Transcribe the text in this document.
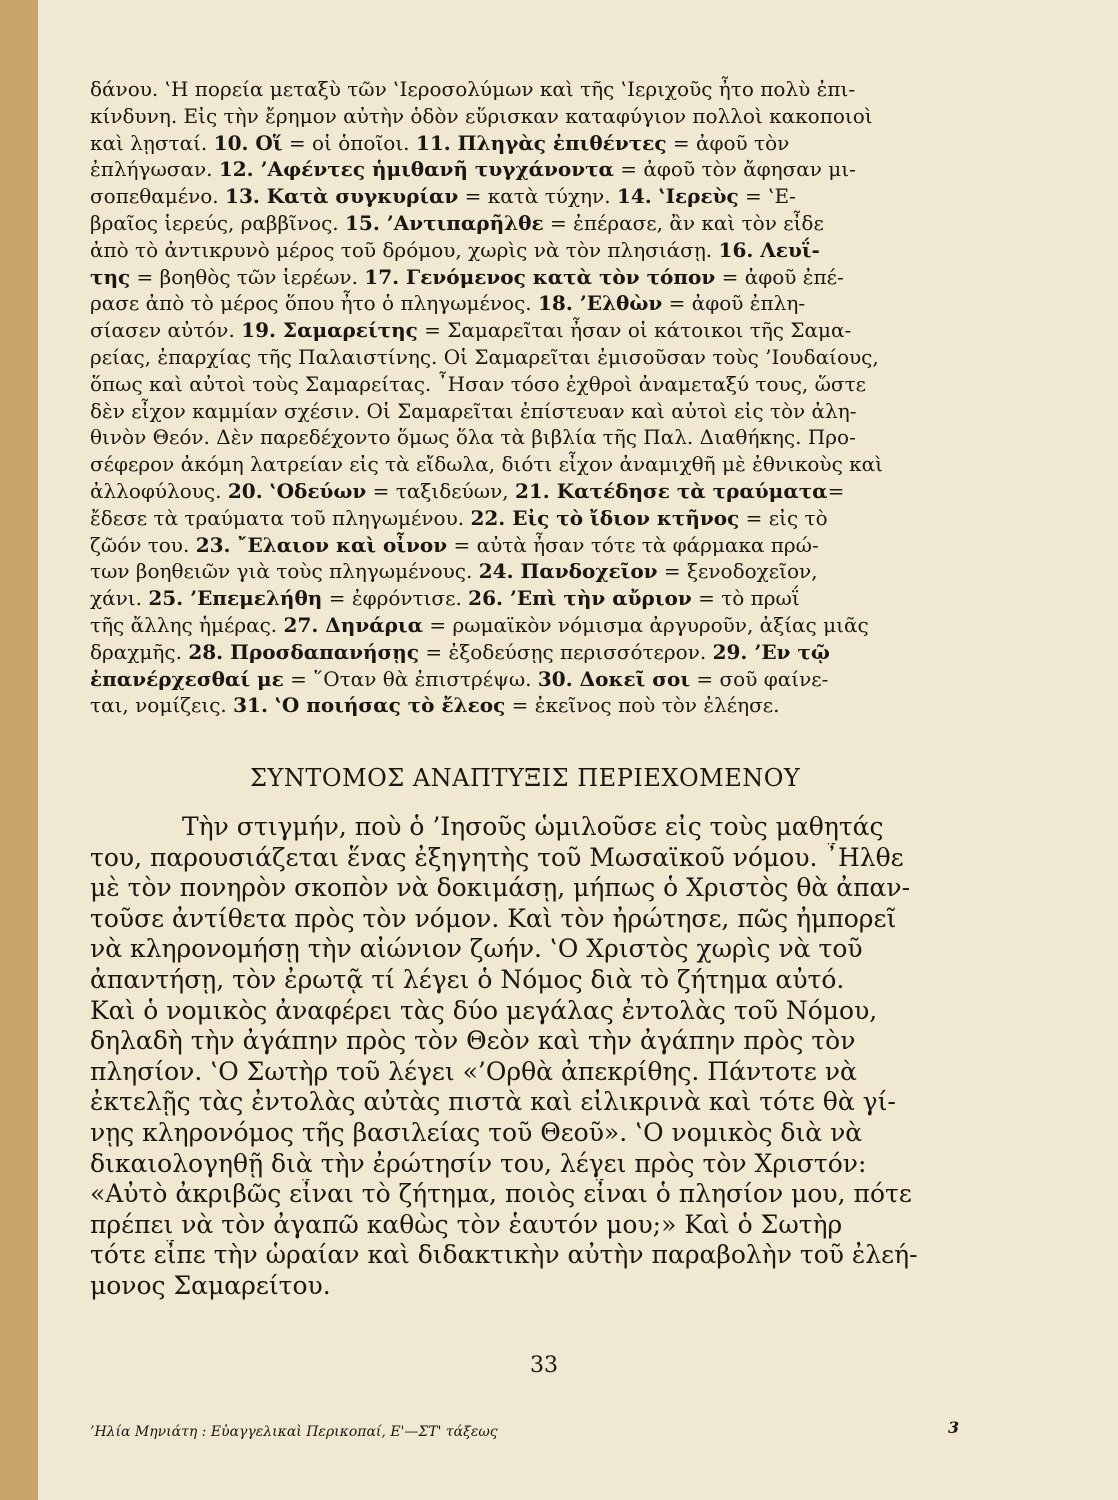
δάνου. ‛Η πορεία μεταξὺ τῶν ‛Ιεροσολύμων καὶ τῆς ‛Ιεριχοῦς ἦτο πολὺ ἐπι-
κίνδυνη. Εἰς τὴν ἔρημον αὐτὴν ὁδὸν εὕρισκαν καταφύγιον πολλοὶ κακοποιοὶ
καὶ λῃσταί. 10. Οἵ = οἱ ὁποῖοι. 11. Πληγὰς ἐπιθέντες = ἀφοῦ τὸν
ἐπλήγωσαν. 12. ’Αφέντες ἡμιθανῆ τυγχάνοντα = ἀφοῦ τὸν ἄφησαν μι-
σοπεθαμένο. 13. Κατὰ συγκυρίαν = κατὰ τύχην. 14. ‛Ιερεὺς = ‛Ε-
βραῖος ἱερεύς, ραββῖνος. 15. ’Αντιπαρῆλθε = ἐπέρασε, ἂν καὶ τὸν εἶδε
ἀπὸ τὸ ἀντικρυνὸ μέρος τοῦ δρόμου, χωρὶς νὰ τὸν πλησιάσῃ. 16. Λευΐ-
της = βοηθὸς τῶν ἱερέων. 17. Γενόμενος κατὰ τὸν τόπον = ἀφοῦ ἐπέ-
ρασε ἀπὸ τὸ μέρος ὅπου ἦτο ὁ πληγωμένος. 18. ’Ελθὼν = ἀφοῦ ἐπλη-
σίασεν αὐτόν. 19. Σαμαρείτης = Σαμαρεῖται ἦσαν οἱ κάτοικοι τῆς Σαμα-
ρείας, ἐπαρχίας τῆς Παλαιστίνης. Οἱ Σαμαρεῖται ἐμισοῦσαν τοὺς ’Ιουδαίους,
ὅπως καὶ αὐτοὶ τοὺς Σαμαρείτας. ῏Ησαν τόσο ἐχθροὶ ἀναμεταξύ τους, ὥστε
δὲν εἶχον καμμίαν σχέσιν. Οἱ Σαμαρεῖται ἐπίστευαν καὶ αὐτοὶ εἰς τὸν ἀλη-
θινὸν Θεόν. Δὲν παρεδέχοντο ὅμως ὅλα τὰ βιβλία τῆς Παλ. Διαθήκης. Προ-
σέφερον ἀκόμη λατρείαν εἰς τὰ εἴδωλα, διότι εἶχον ἀναμιχθῆ μὲ ἐθνικοὺς καὶ
ἀλλοφύλους. 20. ‛Οδεύων = ταξιδεύων, 21. Κατέδησε τὰ τραύματα=
ἔδεσε τὰ τραύματα τοῦ πληγωμένου. 22. Εἰς τὸ ἴδιον κτῆνος = εἰς τὸ
ζῶόν του. 23. ῎Ελαιον καὶ οἶνον = αὐτὰ ἦσαν τότε τὰ φάρμακα πρώ-
των βοηθειῶν γιὰ τοὺς πληγωμένους. 24. Πανδοχεῖον = ξενοδοχεῖον,
χάνι. 25. ’Επεμελήθη = ἐφρόντισε. 26. ’Επὶ τὴν αὔριον = τὸ πρωΐ
τῆς ἄλλης ἡμέρας. 27. Δηνάρια = ρωμαϊκὸν νόμισμα ἀργυροῦν, ἀξίας μιᾶς
δραχμῆς. 28. Προσδαπανήσῃς = ἐξοδεύσῃς περισσότερον. 29. ’Εν τῷ
ἐπανέρχεσθαί με = ῞Οταν θὰ ἐπιστρέψω. 30. Δοκεῖ σοι = σοῦ φαίνε-
ται, νομίζεις. 31. ‛Ο ποιήσας τὸ ἔλεος = ἐκεῖνος ποὺ τὸν ἐλέησε.
ΣΥΝΤΟΜΟΣ ΑΝΑΠΤΥΞΙΣ ΠΕΡΙΕΧΟΜΕΝΟΥ
Τὴν στιγμήν, ποὺ ὁ ’Ιησοῦς ὡμιλοῦσε εἰς τοὺς μαθητάς
του, παρουσιάζεται ἕνας ἐξηγητὴς τοῦ Μωσαϊκοῦ νόμου. ῏Ηλθε
μὲ τὸν πονηρὸν σκοπὸν νὰ δοκιμάσῃ, μήπως ὁ Χριστὸς θὰ ἀπαν-
τοῦσε ἀντίθετα πρὸς τὸν νόμον. Καὶ τὸν ἠρώτησε, πῶς ἠμπορεῖ
νὰ κληρονομήσῃ τὴν αἰώνιον ζωήν. ‛Ο Χριστὸς χωρὶς νὰ τοῦ
ἀπαντήσῃ, τὸν ἐρωτᾷ τί λέγει ὁ Νόμος διὰ τὸ ζήτημα αὐτό.
Καὶ ὁ νομικὸς ἀναφέρει τὰς δύο μεγάλας ἐντολὰς τοῦ Νόμου,
δηλαδὴ τὴν ἀγάπην πρὸς τὸν Θεὸν καὶ τὴν ἀγάπην πρὸς τὸν
πλησίον. ‛Ο Σωτὴρ τοῦ λέγει «’Ορθὰ ἀπεκρίθης. Πάντοτε νὰ
ἐκτελῇς τὰς ἐντολὰς αὐτὰς πιστὰ καὶ εἰλικρινὰ καὶ τότε θὰ γί-
νῃς κληρονόμος τῆς βασιλείας τοῦ Θεοῦ». ‛Ο νομικὸς διὰ νὰ
δικαιολογηθῇ διὰ τὴν ἐρώτησίν του, λέγει πρὸς τὸν Χριστόν:
«Αὐτὸ ἀκριβῶς εἶναι τὸ ζήτημα, ποιὸς εἶναι ὁ πλησίον μου, πότε
πρέπει νὰ τὸν ἀγαπῶ καθὼς τὸν ἑαυτόν μου;» Καὶ ὁ Σωτὴρ
τότε εἶπε τὴν ὡραίαν καὶ διδακτικὴν αὐτὴν παραβολὴν τοῦ ἐλεή-
μονος Σαμαρείτου.
33
’Ηλία Μηνιάτη : Εὐαγγελικαὶ Περικοπαί, Ε'—ΣΤ' τάξεως	3
